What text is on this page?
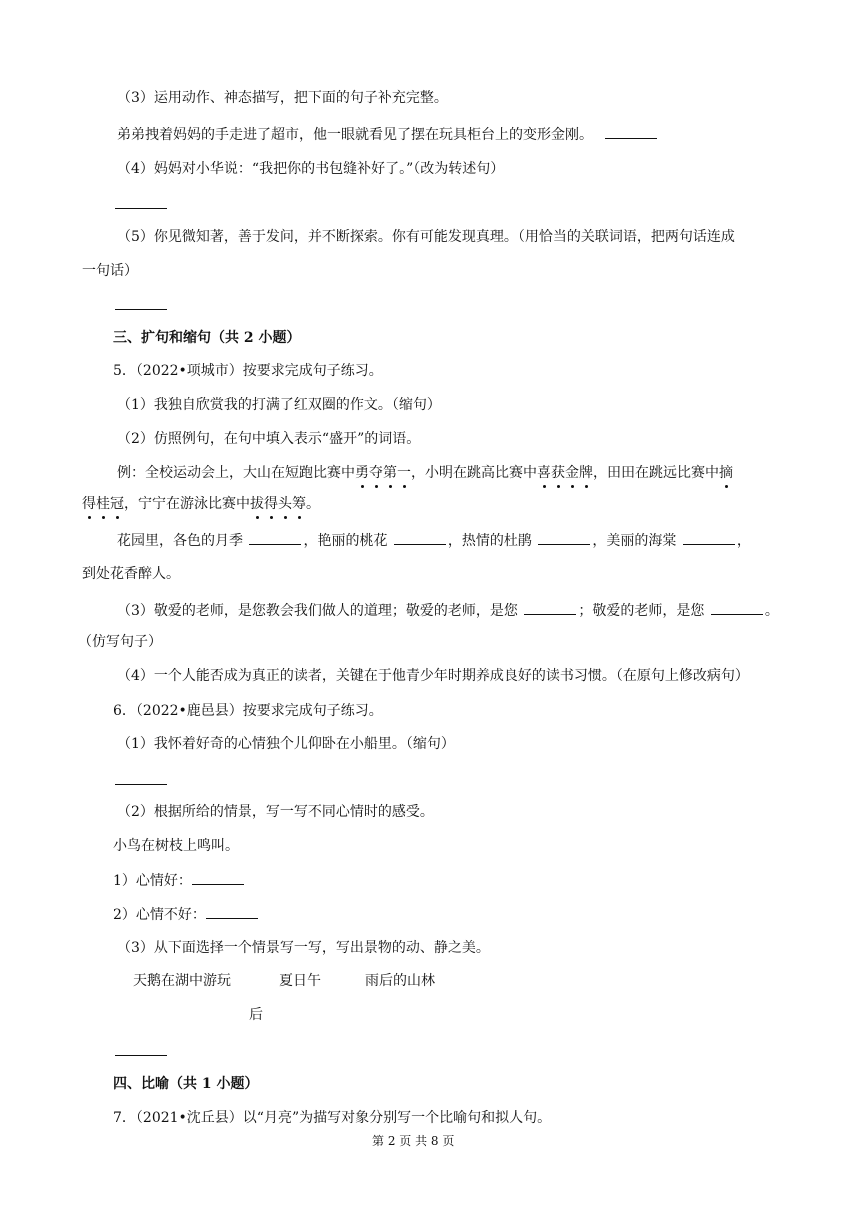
（3）运用动作、神态描写，把下面的句子补充完整。
弟弟拽着妈妈的手走进了超市，他一眼就看见了摆在玩具柜台上的变形金刚。
（4）妈妈对小华说：“我把你的书包缝补好了。”（改为转述句）
（5）你见微知著，善于发问，并不断探索。你有可能发现真理。（用恰当的关联词语，把两句话连成
一句话）
三、扩句和缩句（共 2 小题）
5．（2022•项城市）按要求完成句子练习。
（1）我独自欣赏我的打满了红双圈的作文。（缩句）
（2）仿照例句，在句中填入表示“盛开”的词语。
例：全校运动会上，大山在短跑比赛中勇夺第一，小明在跳高比赛中喜获金牌，田田在跳远比赛中摘
得桂冠，宁宁在游泳比赛中拔得头筹。
花园里，各色的月季	，艳丽的桃花	，热情的杜鹃	，美丽的海棠	，
到处花香醉人。
（3）敬爱的老师，是您教会我们做人的道理；敬爱的老师，是您	；敬爱的老师，是您	。
（仿写句子）
（4）一个人能否成为真正的读者，关键在于他青少年时期养成良好的读书习惯。（在原句上修改病句）
6．（2022•鹿邑县）按要求完成句子练习。
（1）我怀着好奇的心情独个儿仰卧在小船里。（缩句）
（2）根据所给的情景，写一写不同心情时的感受。
小鸟在树枝上鸣叫。
1）心情好：
2）心情不好：
（3）从下面选择一个情景写一写，写出景物的动、静之美。
天鹅在湖中游玩	夏日午
后
雨后的山林
四、比喻（共 1 小题）
7．（2021•沈丘县）以“月亮”为描写对象分别写一个比喻句和拟人句。
第 2 页 共 8 页
